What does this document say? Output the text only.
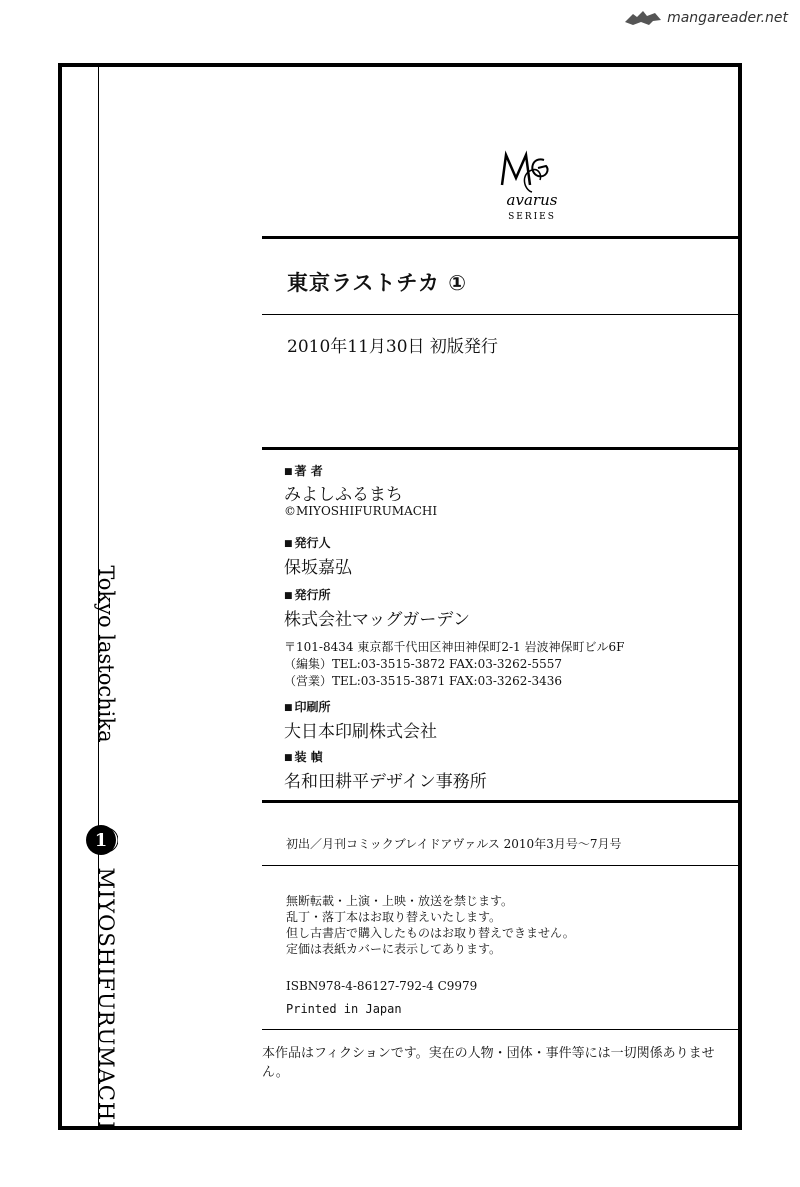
mangareader.net
Tokyo lastochika
1
MIYOSHIFURUMACHI
avarus
SERIES
東京ラストチカ ①
2010年11月30日 初版発行
■ 著 者
みよしふるまち
©MIYOSHIFURUMACHI
■ 発行人
保坂嘉弘
■ 発行所
株式会社マッグガーデン
〒101-8434 東京都千代田区神田神保町2-1 岩波神保町ビル6F
（編集）TEL:03-3515-3872 FAX:03-3262-5557
（営業）TEL:03-3515-3871 FAX:03-3262-3436
■ 印刷所
大日本印刷株式会社
■ 装 幀
名和田耕平デザイン事務所
初出／月刊コミックブレイドアヴァルス 2010年3月号～7月号
無断転載・上演・上映・放送を禁じます。
乱丁・落丁本はお取り替えいたします。
但し古書店で購入したものはお取り替えできません。
定価は表紙カバーに表示してあります。
ISBN978-4-86127-792-4 C9979
Printed in Japan
本作品はフィクションです。実在の人物・団体・事件等には一切関係ありません。
